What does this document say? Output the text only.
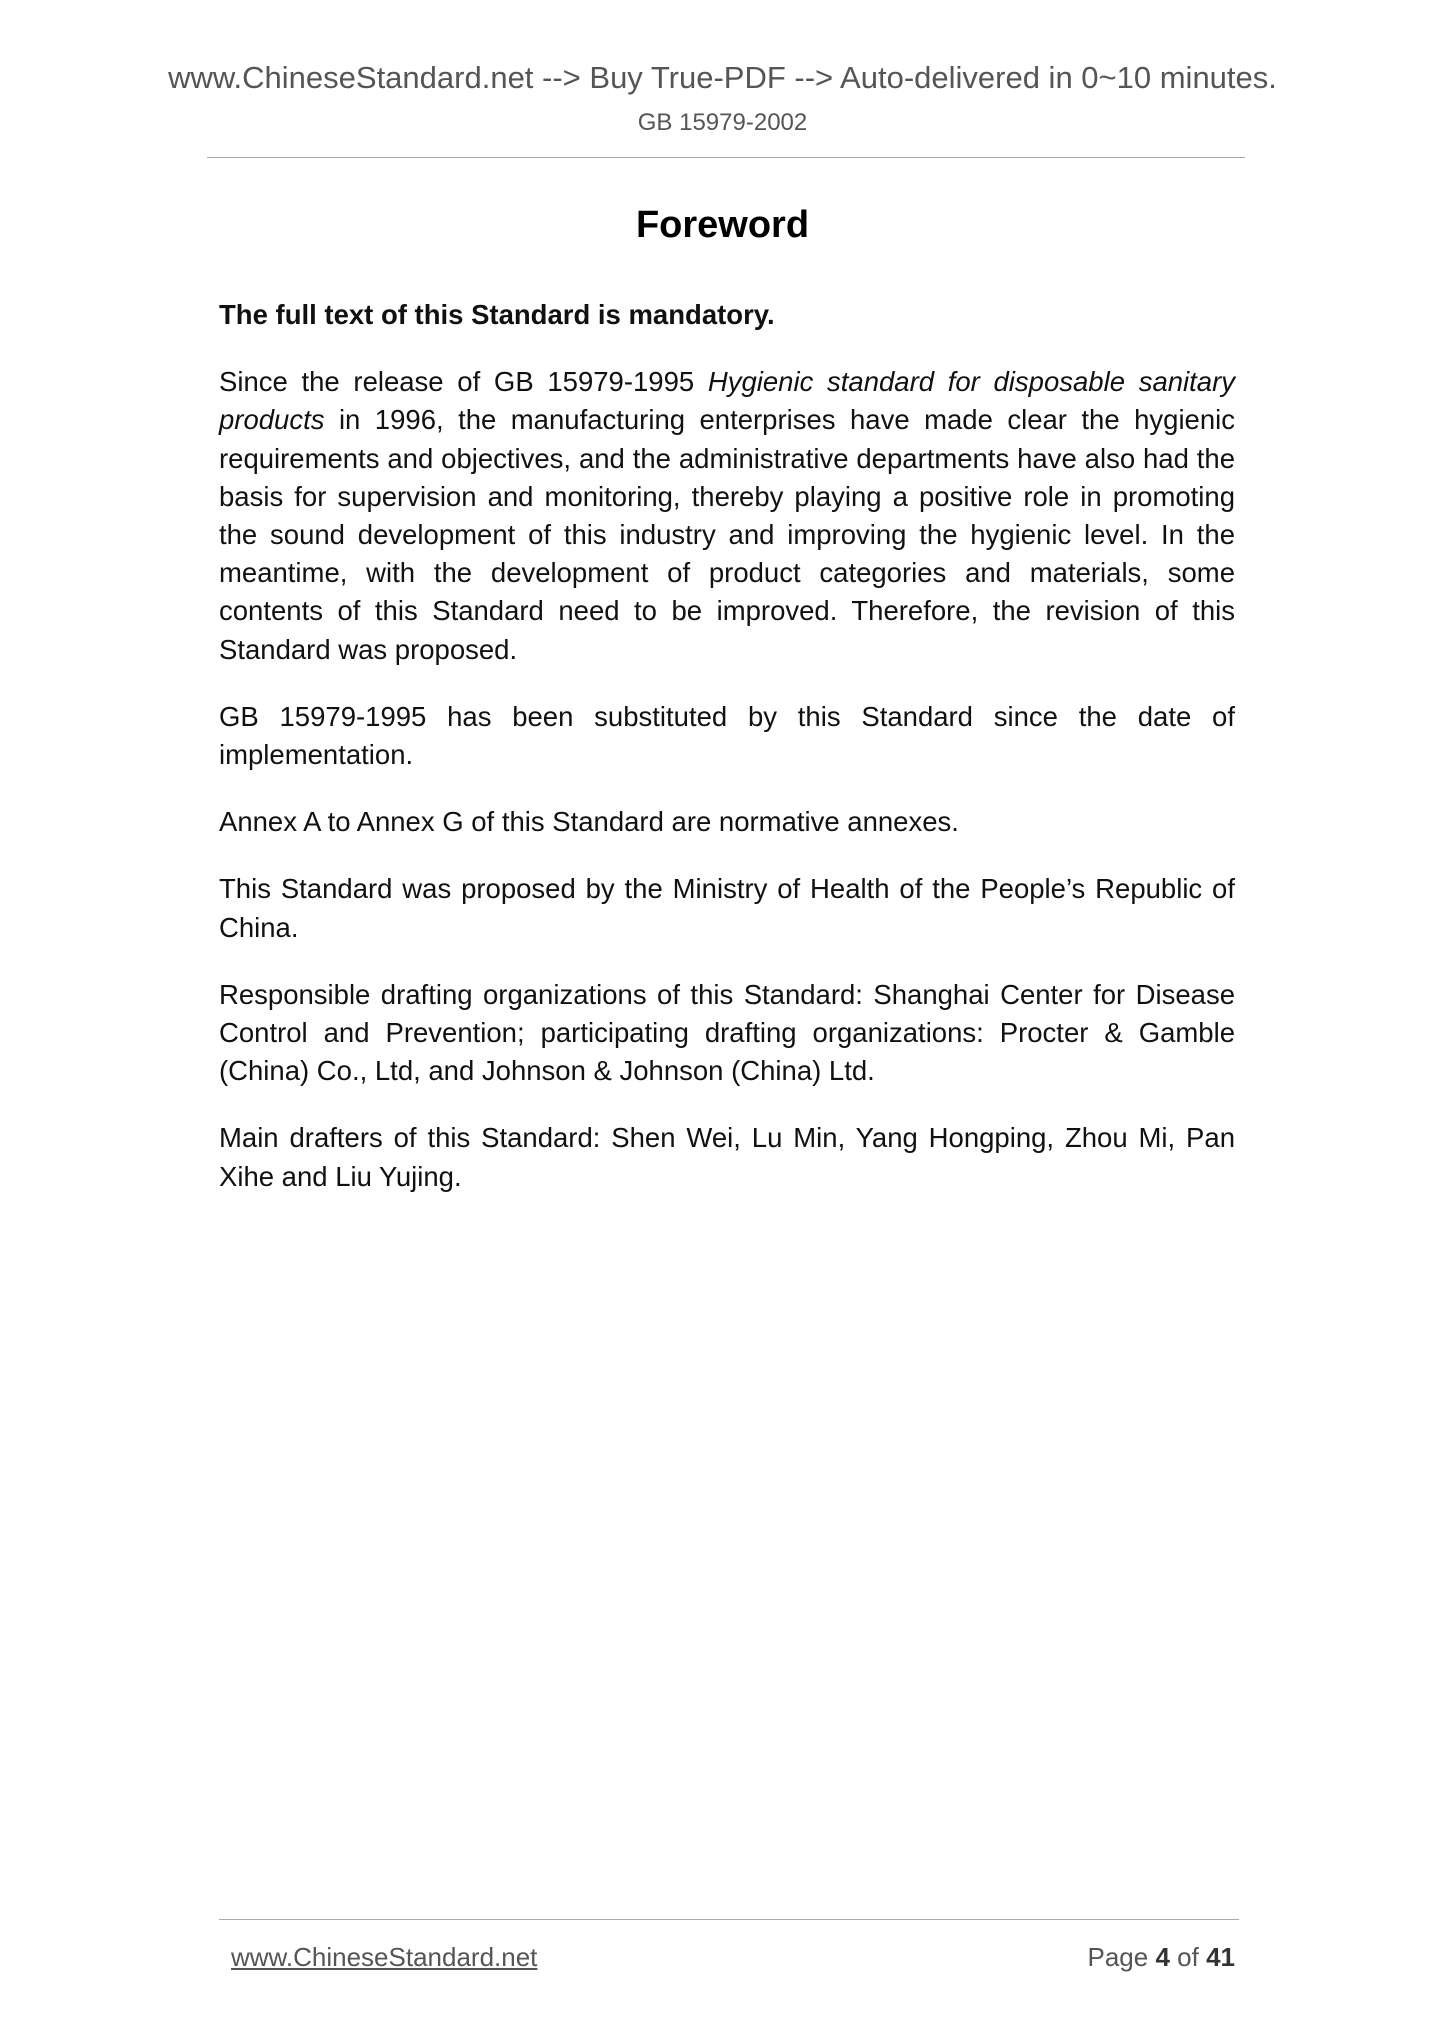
www.ChineseStandard.net --> Buy True-PDF --> Auto-delivered in 0~10 minutes.
GB 15979-2002
Foreword

The full text of this Standard is mandatory.

Since the release of GB 15979-1995 Hygienic standard for disposable sanitary products in 1996, the manufacturing enterprises have made clear the hygienic requirements and objectives, and the administrative departments have also had the basis for supervision and monitoring, thereby playing a positive role in promoting the sound development of this industry and improving the hygienic level. In the meantime, with the development of product categories and materials, some contents of this Standard need to be improved. Therefore, the revision of this Standard was proposed.

GB 15979-1995 has been substituted by this Standard since the date of implementation.

Annex A to Annex G of this Standard are normative annexes.

This Standard was proposed by the Ministry of Health of the People’s Republic of China.

Responsible drafting organizations of this Standard: Shanghai Center for Disease Control and Prevention; participating drafting organizations: Procter & Gamble (China) Co., Ltd, and Johnson & Johnson (China) Ltd.

Main drafters of this Standard: Shen Wei, Lu Min, Yang Hongping, Zhou Mi, Pan Xihe and Liu Yujing.

www.ChineseStandard.net	Page 4 of 41
